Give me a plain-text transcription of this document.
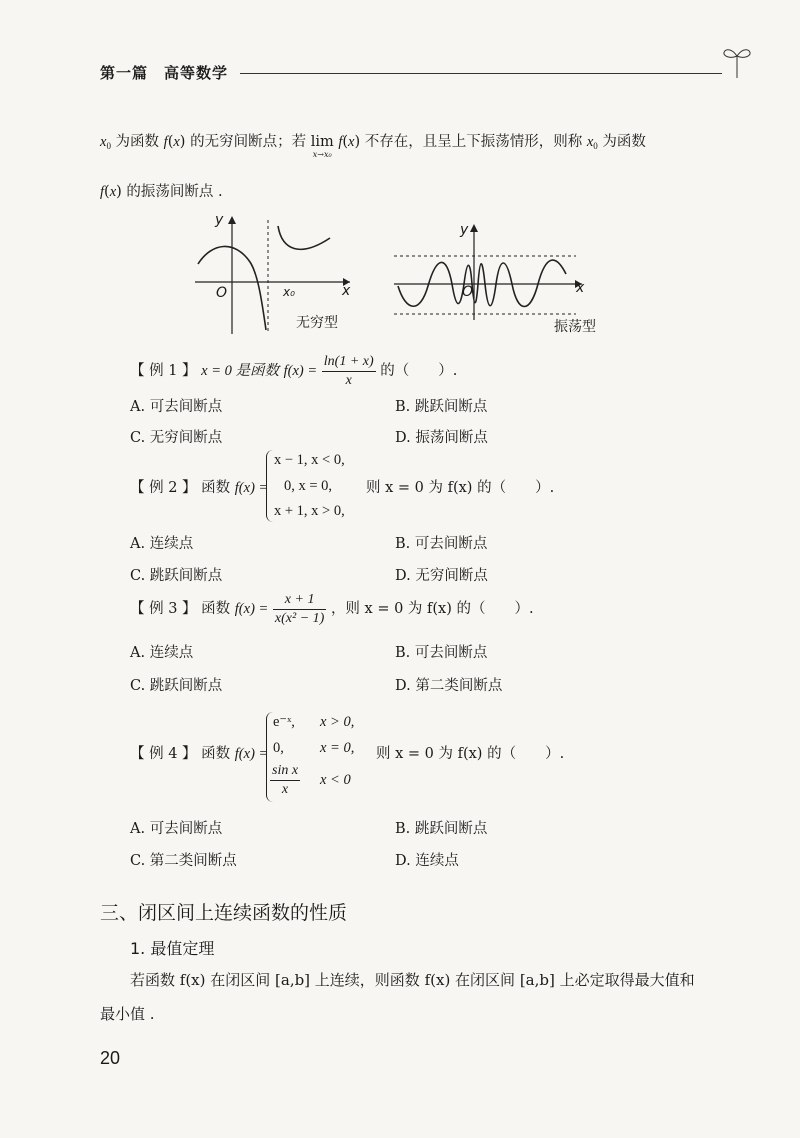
第一篇　高等数学
$x_0$ 为函数 f(x) 的无穷间断点；若 lim
x→x₀
f(x) 不存在，且呈上下振荡情形，则称 $x_0$ 为函数
f(x) 的振荡间断点 .
y
x
O	x₀
无穷型
y
x
O
振荡型
【 例 1 】 x = 0 是函数 $f(x) = \frac{\ln(1 + x)}{x}$ 的（　　）.
A. 可去间断点	B. 跳跃间断点
C. 无穷间断点	D. 振荡间断点
【 例 2 】 函数 f(x) =
x − 1, x < 0,
0, x = 0,
x + 1, x > 0,
则 x = 0 为 f(x) 的（　　）.
A. 连续点	B. 可去间断点
C. 跳跃间断点	D. 无穷间断点
【 例 3 】 函数 $f(x) = \frac{x + 1}{\text{x(x² − 1)}}$ ，则 x = 0 为 f(x) 的（　　）.
A. 连续点	B. 可去间断点
C. 跳跃间断点	D. 第二类间断点
【 例 4 】 函数 f(x) =
e⁻ˣ, x > 0,
0, x = 0,
$\frac{\text{sin x}}{x}$ x < 0
则 x = 0 为 f(x) 的（　　）.
A. 可去间断点	B. 跳跃间断点
C. 第二类间断点	D. 连续点
三、闭区间上连续函数的性质
1. 最值定理
若函数 f(x) 在闭区间 [a,b] 上连续，则函数 f(x) 在闭区间 [a,b] 上必定取得最大值和
最小值 .
20
